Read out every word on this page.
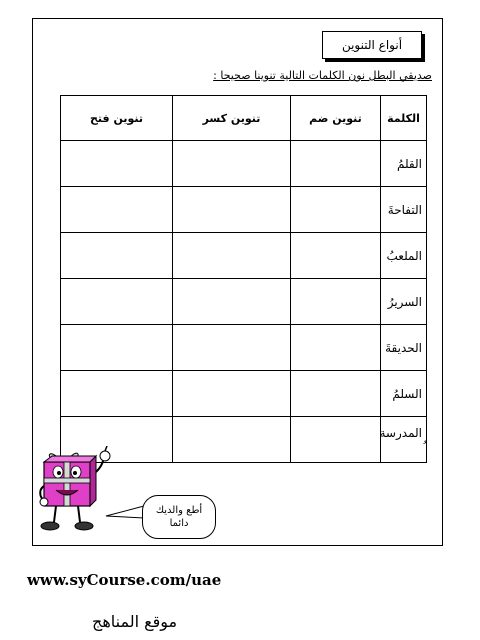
أنواع التنوين
صديقي البطل نون الكلمات التالية تنوينا صحيحا :
الكلمة	تنوين ضم	تنوين كسر	تنوين فتح
القلمُ			
التفاحةَ			
الملعبُ			
السريرُ			
الحديقةَ			
السلمُ			
المدرسة			
أطع والديك
دائما
www.syCourse.com/uae
موقع المناهج
